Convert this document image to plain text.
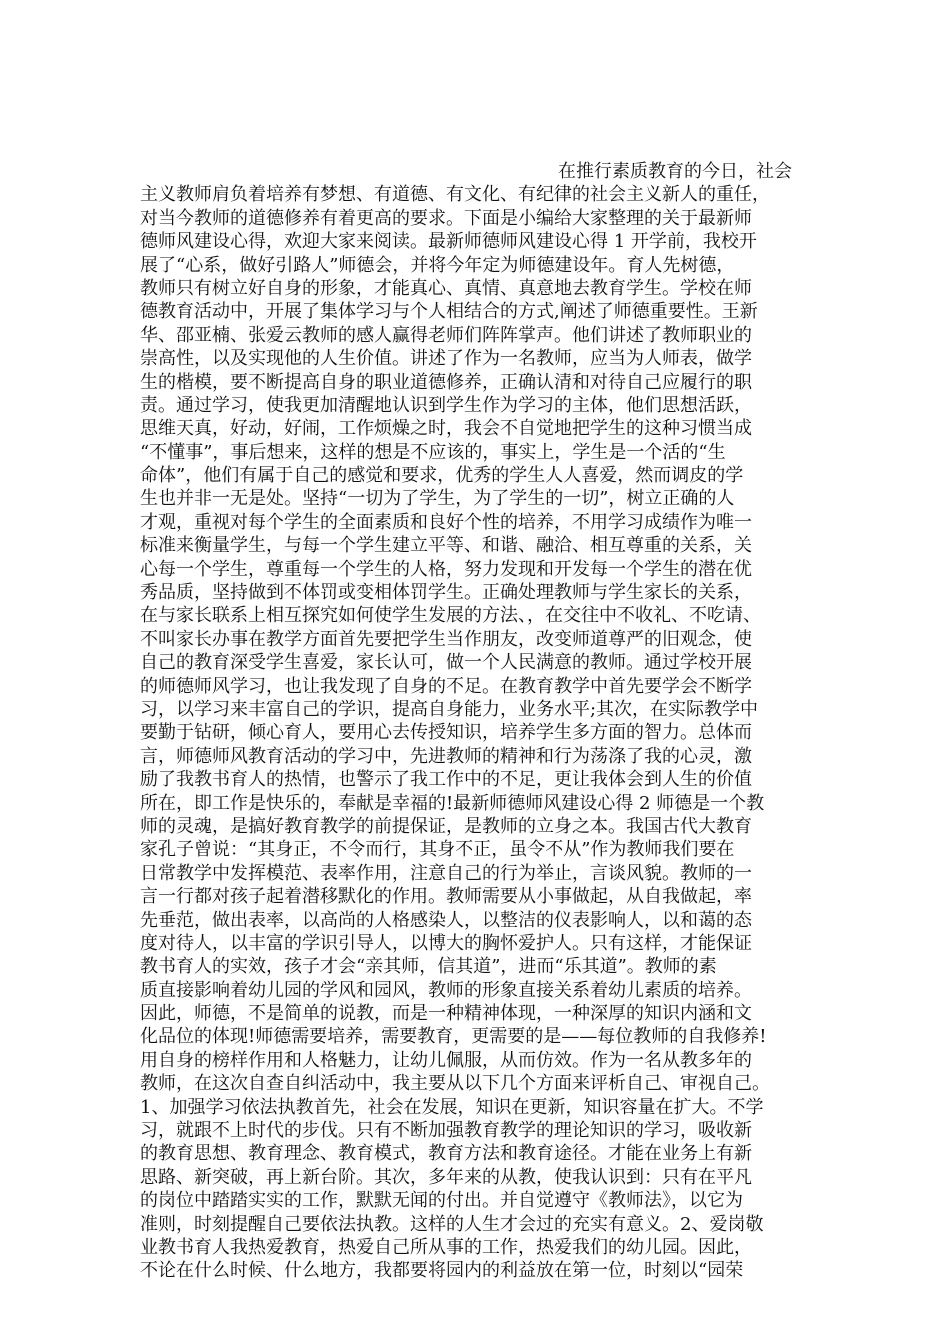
在推行素质教育的今日，社会
主义教师肩负着培养有梦想、有道德、有文化、有纪律的社会主义新人的重任，
对当今教师的道德修养有着更高的要求。下面是小编给大家整理的关于最新师
德师风建设心得，欢迎大家来阅读。最新师德师风建设心得 1 开学前，我校开
展了“心系，做好引路人”师德会，并将今年定为师德建设年。育人先树德，
教师只有树立好自身的形象，才能真心、真情、真意地去教育学生。学校在师
德教育活动中，开展了集体学习与个人相结合的方式,阐述了师德重要性。王新
华、邵亚楠、张爱云教师的感人赢得老师们阵阵掌声。他们讲述了教师职业的
崇高性，以及实现他的人生价值。讲述了作为一名教师，应当为人师表，做学
生的楷模，要不断提高自身的职业道德修养，正确认清和对待自己应履行的职
责。通过学习，使我更加清醒地认识到学生作为学习的主体，他们思想活跃，
思维天真，好动，好闹，工作烦燥之时，我会不自觉地把学生的这种习惯当成
“不懂事”，事后想来，这样的想是不应该的，事实上，学生是一个活的“生
命体”，他们有属于自己的感觉和要求，优秀的学生人人喜爱，然而调皮的学
生也并非一无是处。坚持“一切为了学生，为了学生的一切”，树立正确的人
才观，重视对每个学生的全面素质和良好个性的培养，不用学习成绩作为唯一
标准来衡量学生，与每一个学生建立平等、和谐、融洽、相互尊重的关系，关
心每一个学生，尊重每一个学生的人格，努力发现和开发每一个学生的潜在优
秀品质，坚持做到不体罚或变相体罚学生。正确处理教师与学生家长的关系，
在与家长联系上相互探究如何使学生发展的方法、，在交往中不收礼、不吃请、
不叫家长办事在教学方面首先要把学生当作朋友，改变师道尊严的旧观念，使
自己的教育深受学生喜爱，家长认可，做一个人民满意的教师。通过学校开展
的师德师风学习，也让我发现了自身的不足。在教育教学中首先要学会不断学
习，以学习来丰富自己的学识，提高自身能力，业务水平;其次，在实际教学中
要勤于钻研，倾心育人，要用心去传授知识，培养学生多方面的智力。总体而
言，师德师风教育活动的学习中，先进教师的精神和行为荡涤了我的心灵，激
励了我教书育人的热情，也警示了我工作中的不足，更让我体会到人生的价值
所在，即工作是快乐的，奉献是幸福的!最新师德师风建设心得 2 师德是一个教
师的灵魂，是搞好教育教学的前提保证，是教师的立身之本。我国古代大教育
家孔子曾说：“其身正，不令而行，其身不正，虽令不从”作为教师我们要在
日常教学中发挥模范、表率作用，注意自己的行为举止，言谈风貌。教师的一
言一行都对孩子起着潜移默化的作用。教师需要从小事做起，从自我做起，率
先垂范，做出表率，以高尚的人格感染人，以整洁的仪表影响人，以和蔼的态
度对待人，以丰富的学识引导人，以博大的胸怀爱护人。只有这样，才能保证
教书育人的实效，孩子才会“亲其师，信其道”，进而“乐其道”。教师的素
质直接影响着幼儿园的学风和园风，教师的形象直接关系着幼儿素质的培养。
因此，师德，不是简单的说教，而是一种精神体现，一种深厚的知识内涵和文
化品位的体现!师德需要培养，需要教育，更需要的是——每位教师的自我修养!
用自身的榜样作用和人格魅力，让幼儿佩服，从而仿效。作为一名从教多年的
教师，在这次自查自纠活动中，我主要从以下几个方面来评析自己、审视自己。
1、加强学习依法执教首先，社会在发展，知识在更新，知识容量在扩大。不学
习，就跟不上时代的步伐。只有不断加强教育教学的理论知识的学习，吸收新
的教育思想、教育理念、教育模式，教育方法和教育途径。才能在业务上有新
思路、新突破，再上新台阶。其次，多年来的从教，使我认识到：只有在平凡
的岗位中踏踏实实的工作，默默无闻的付出。并自觉遵守《教师法》，以它为
准则，时刻提醒自己要依法执教。这样的人生才会过的充实有意义。2、爱岗敬
业教书育人我热爱教育，热爱自己所从事的工作，热爱我们的幼儿园。因此，
不论在什么时候、什么地方，我都要将园内的利益放在第一位，时刻以“园荣
